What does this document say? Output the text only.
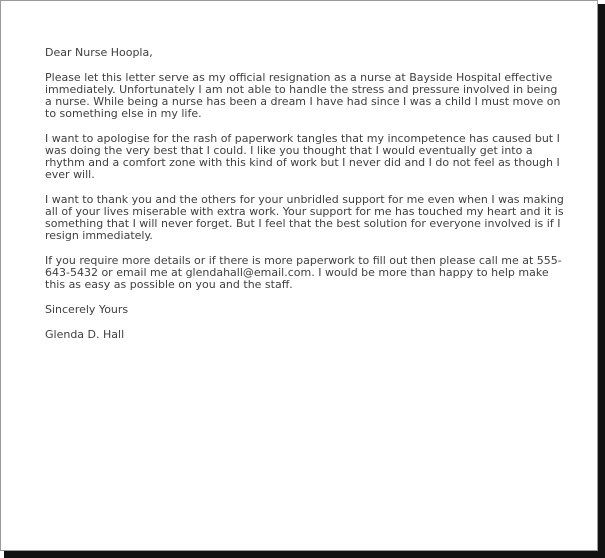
Dear Nurse Hoopla,

Please let this letter serve as my official resignation as a nurse at Bayside Hospital effective immediately. Unfortunately I am not able to handle the stress and pressure involved in being a nurse. While being a nurse has been a dream I have had since I was a child I must move on to something else in my life.

I want to apologise for the rash of paperwork tangles that my incompetence has caused but I was doing the very best that I could. I like you thought that I would eventually get into a rhythm and a comfort zone with this kind of work but I never did and I do not feel as though I ever will.

I want to thank you and the others for your unbridled support for me even when I was making all of your lives miserable with extra work. Your support for me has touched my heart and it is something that I will never forget. But I feel that the best solution for everyone involved is if I resign immediately.

If you require more details or if there is more paperwork to fill out then please call me at 555-643-5432 or email me at glendahall@email.com. I would be more than happy to help make this as easy as possible on you and the staff.

Sincerely Yours

Glenda D. Hall
